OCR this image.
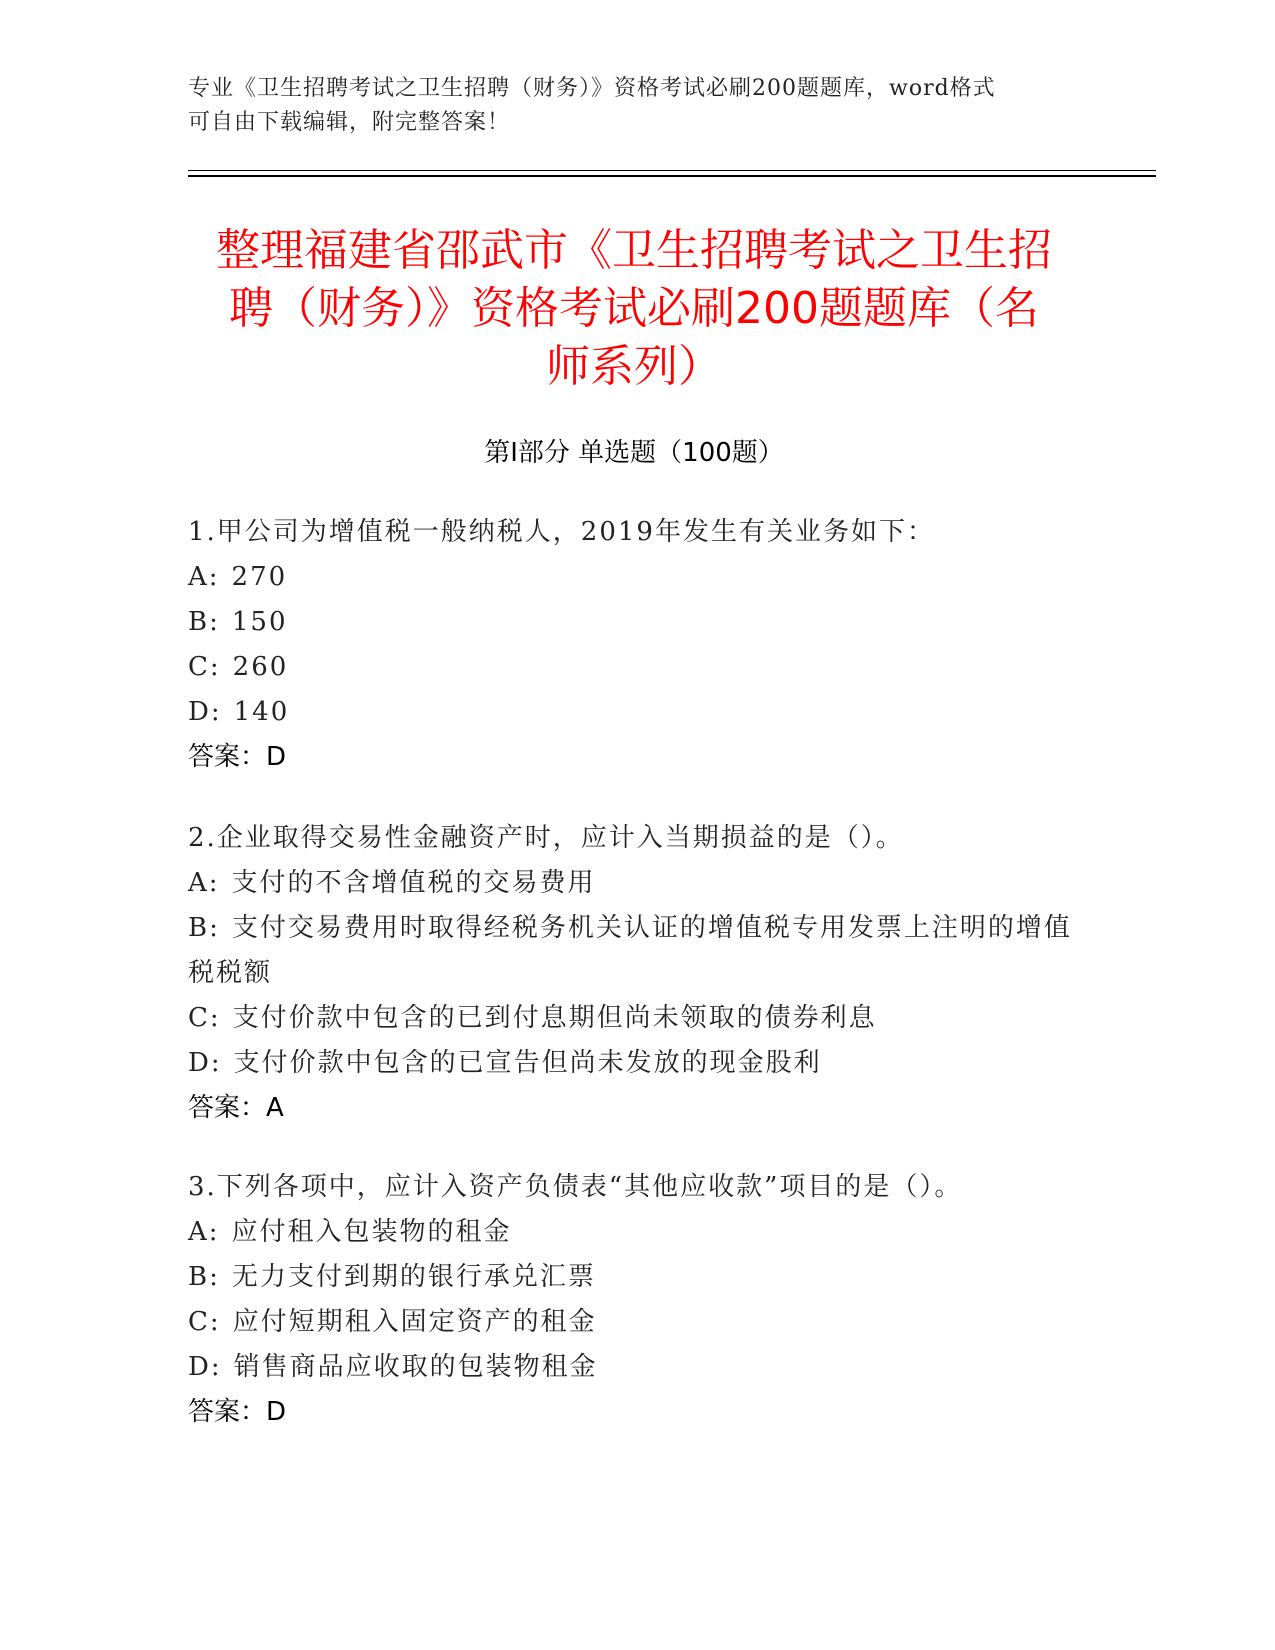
专业《卫生招聘考试之卫生招聘（财务）》资格考试必刷200题题库，word格式
可自由下载编辑，附完整答案！
整理福建省邵武市《卫生招聘考试之卫生招
聘（财务）》资格考试必刷200题题库（名
师系列）
第Ⅰ部分 单选题（100题）

1.甲公司为增值税一般纳税人，2019年发生有关业务如下：

A: 270

B: 150

C: 260

D: 140

答案：D

2.企业取得交易性金融资产时，应计入当期损益的是（）。

A: 支付的不含增值税的交易费用

B: 支付交易费用时取得经税务机关认证的增值税专用发票上注明的增值税税额

C: 支付价款中包含的已到付息期但尚未领取的债券利息

D: 支付价款中包含的已宣告但尚未发放的现金股利

答案：A

3.下列各项中，应计入资产负债表“其他应收款”项目的是（）。

A: 应付租入包装物的租金

B: 无力支付到期的银行承兑汇票

C: 应付短期租入固定资产的租金

D: 销售商品应收取的包装物租金

答案：D
